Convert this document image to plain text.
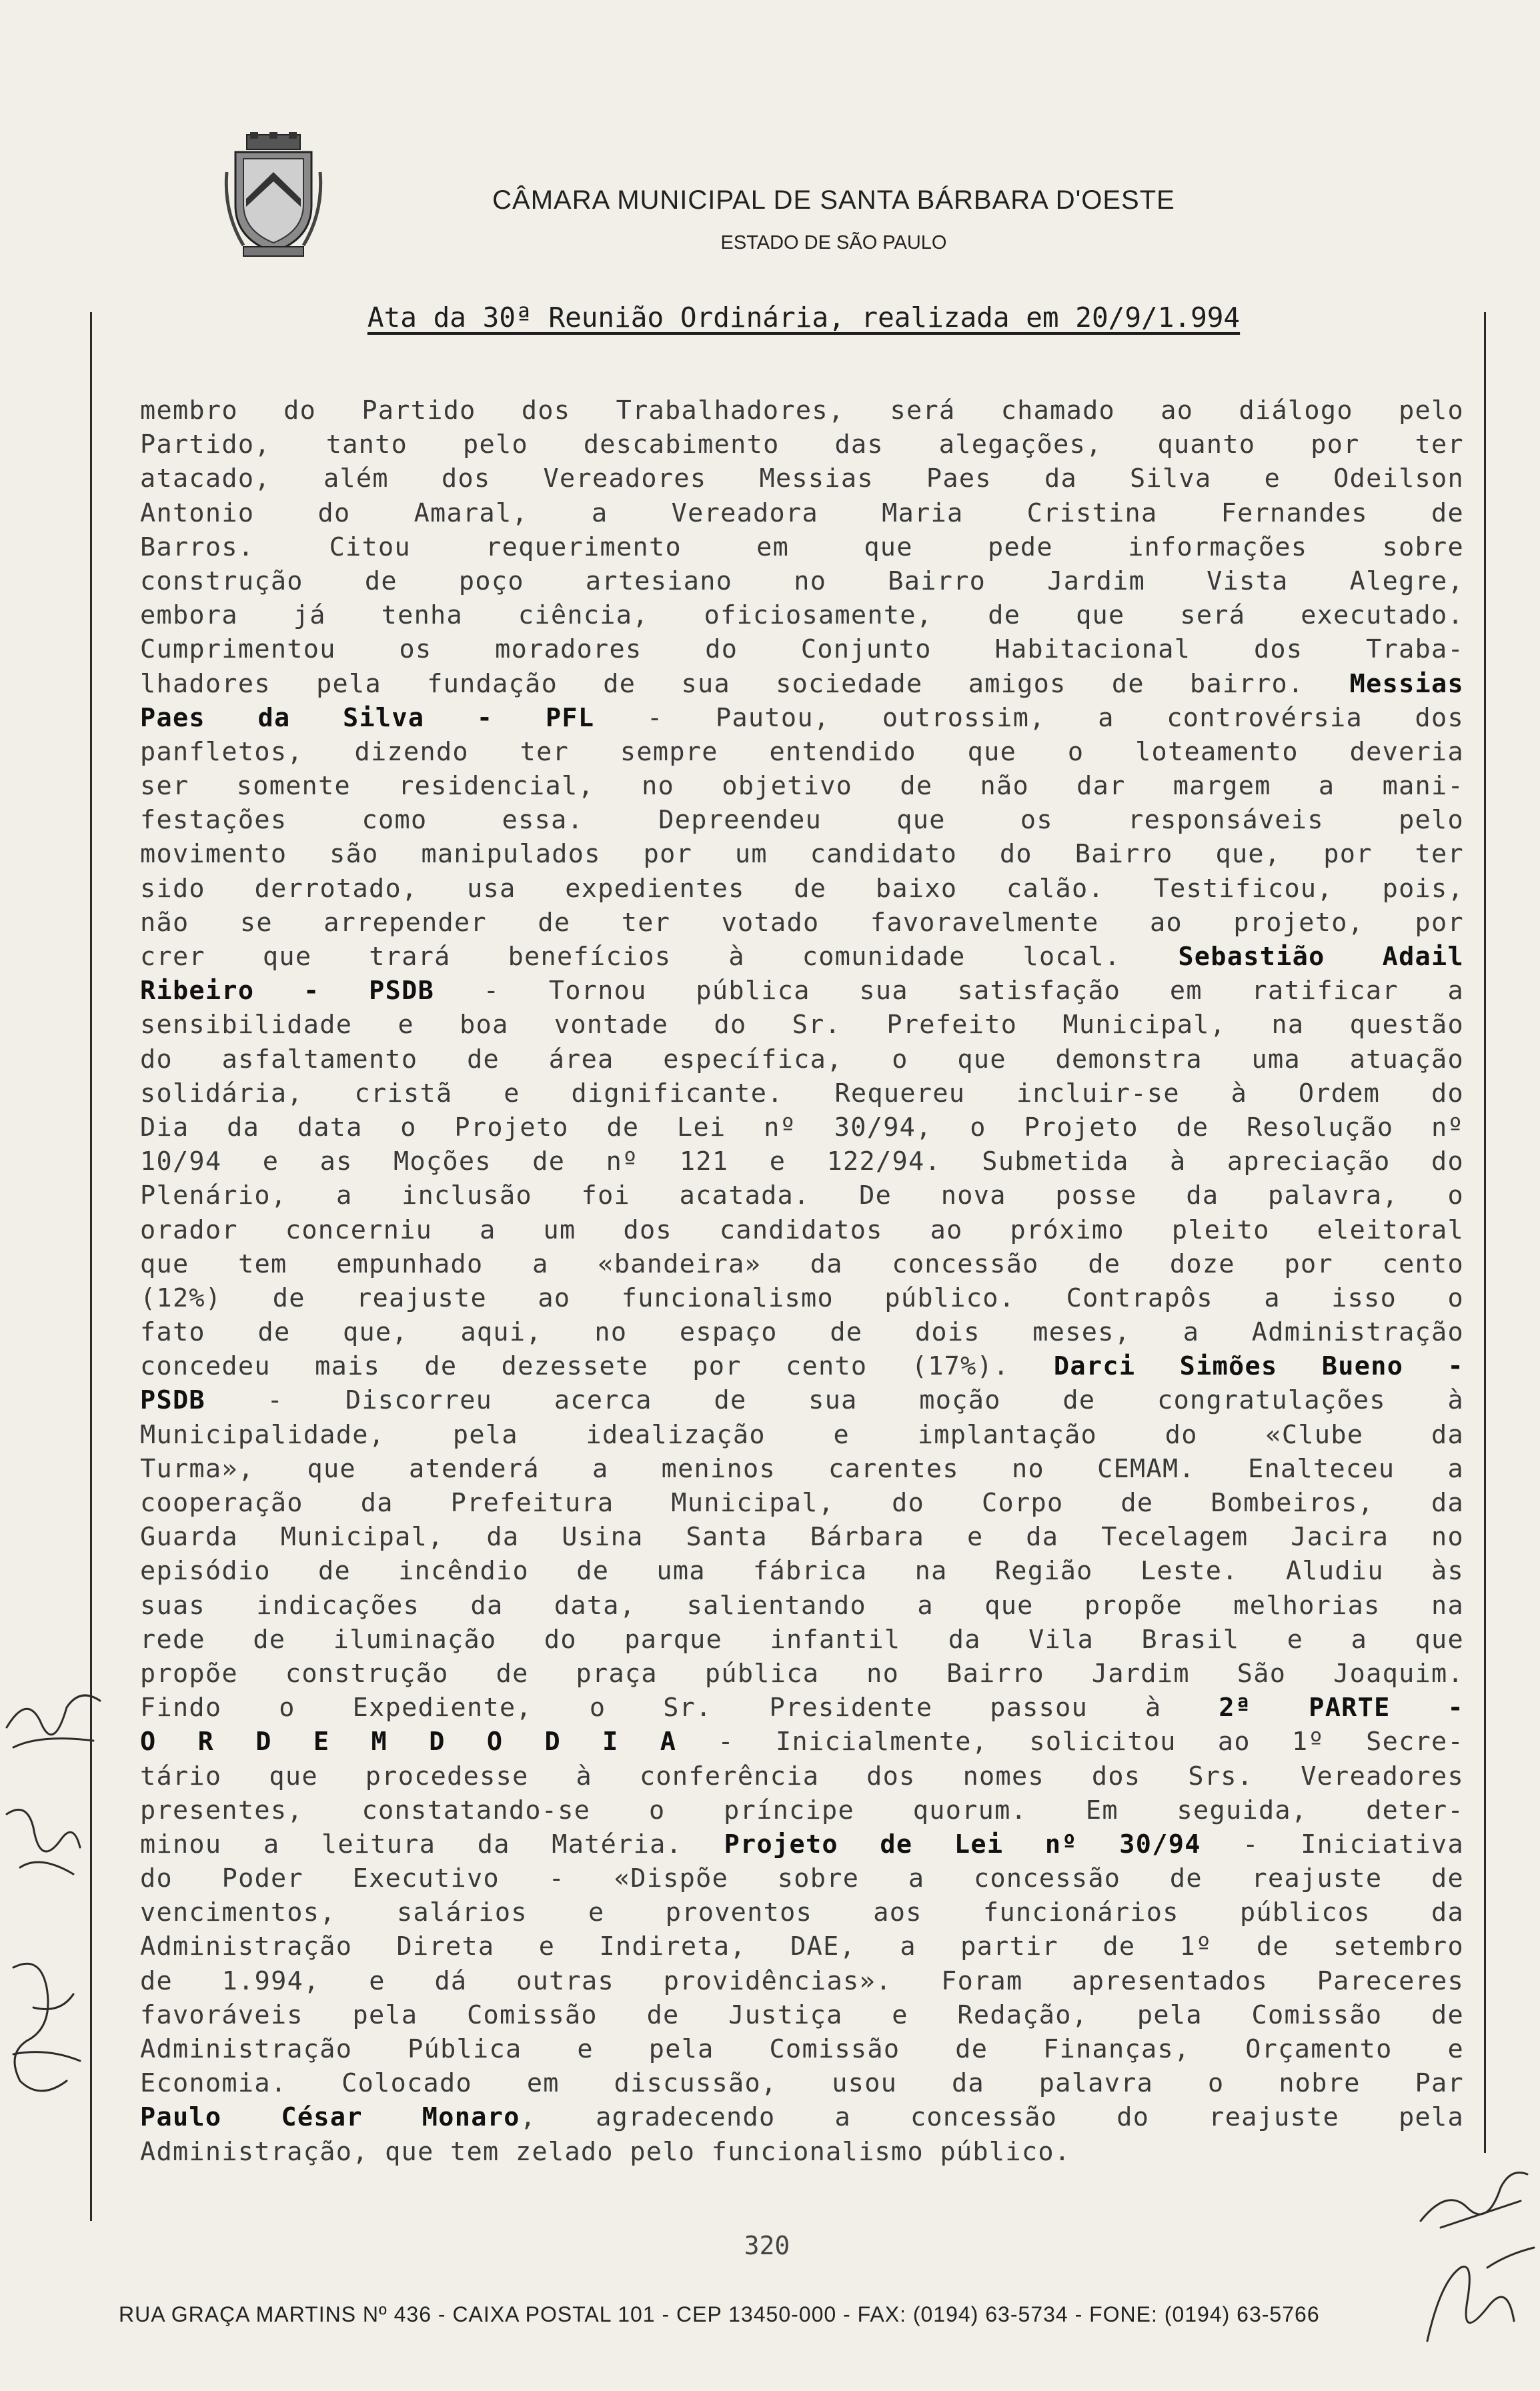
CÂMARA MUNICIPAL DE SANTA BÁRBARA D'OESTE
ESTADO DE SÃO PAULO
Ata da 30ª Reunião Ordinária, realizada em 20/9/1.994
membro do Partido dos Trabalhadores, será chamado ao diálogo pelo
Partido, tanto pelo descabimento das alegações, quanto por ter
atacado, além dos Vereadores Messias Paes da Silva e Odeilson
Antonio do Amaral, a Vereadora Maria Cristina Fernandes de
Barros. Citou requerimento em que pede informações sobre
construção de poço artesiano no Bairro Jardim Vista Alegre,
embora já tenha ciência, oficiosamente, de que será executado.
Cumprimentou os moradores do Conjunto Habitacional dos Traba-
lhadores pela fundação de sua sociedade amigos de bairro. Messias
Paes da Silva - PFL - Pautou, outrossim, a controvérsia dos
panfletos, dizendo ter sempre entendido que o loteamento deveria
ser somente residencial, no objetivo de não dar margem a mani-
festações como essa. Depreendeu que os responsáveis pelo
movimento são manipulados por um candidato do Bairro que, por ter
sido derrotado, usa expedientes de baixo calão. Testificou, pois,
não se arrepender de ter votado favoravelmente ao projeto, por
crer que trará benefícios à comunidade local. Sebastião Adail
Ribeiro - PSDB - Tornou pública sua satisfação em ratificar a
sensibilidade e boa vontade do Sr. Prefeito Municipal, na questão
do asfaltamento de área específica, o que demonstra uma atuação
solidária, cristã e dignificante. Requereu incluir-se à Ordem do
Dia da data o Projeto de Lei nº 30/94, o Projeto de Resolução nº
10/94 e as Moções de nº 121 e 122/94. Submetida à apreciação do
Plenário, a inclusão foi acatada. De nova posse da palavra, o
orador concerniu a um dos candidatos ao próximo pleito eleitoral
que tem empunhado a «bandeira» da concessão de doze por cento
(12%) de reajuste ao funcionalismo público. Contrapôs a isso o
fato de que, aqui, no espaço de dois meses, a Administração
concedeu mais de dezessete por cento (17%). Darci Simões Bueno -
PSDB - Discorreu acerca de sua moção de congratulações à
Municipalidade, pela idealização e implantação do «Clube da
Turma», que atenderá a meninos carentes no CEMAM. Enalteceu a
cooperação da Prefeitura Municipal, do Corpo de Bombeiros, da
Guarda Municipal, da Usina Santa Bárbara e da Tecelagem Jacira no
episódio de incêndio de uma fábrica na Região Leste. Aludiu às
suas indicações da data, salientando a que propõe melhorias na
rede de iluminação do parque infantil da Vila Brasil e a que
propõe construção de praça pública no Bairro Jardim São Joaquim.
Findo o Expediente, o Sr. Presidente passou à 2ª PARTE -
O R D E M D O D I A - Inicialmente, solicitou ao 1º Secre-
tário que procedesse à conferência dos nomes dos Srs. Vereadores
presentes, constatando-se o príncipe quorum. Em seguida, deter-
minou a leitura da Matéria. Projeto de Lei nº 30/94 - Iniciativa
do Poder Executivo - «Dispõe sobre a concessão de reajuste de
vencimentos, salários e proventos aos funcionários públicos da
Administração Direta e Indireta, DAE, a partir de 1º de setembro
de 1.994, e dá outras providências». Foram apresentados Pareceres
favoráveis pela Comissão de Justiça e Redação, pela Comissão de
Administração Pública e pela Comissão de Finanças, Orçamento e
Economia. Colocado em discussão, usou da palavra o nobre Par
Paulo César Monaro, agradecendo a concessão do reajuste pela
Administração, que tem zelado pelo funcionalismo público.
320
RUA GRAÇA MARTINS Nº 436 - CAIXA POSTAL 101 - CEP 13450-000 - FAX: (0194) 63-5734 - FONE: (0194) 63-5766
